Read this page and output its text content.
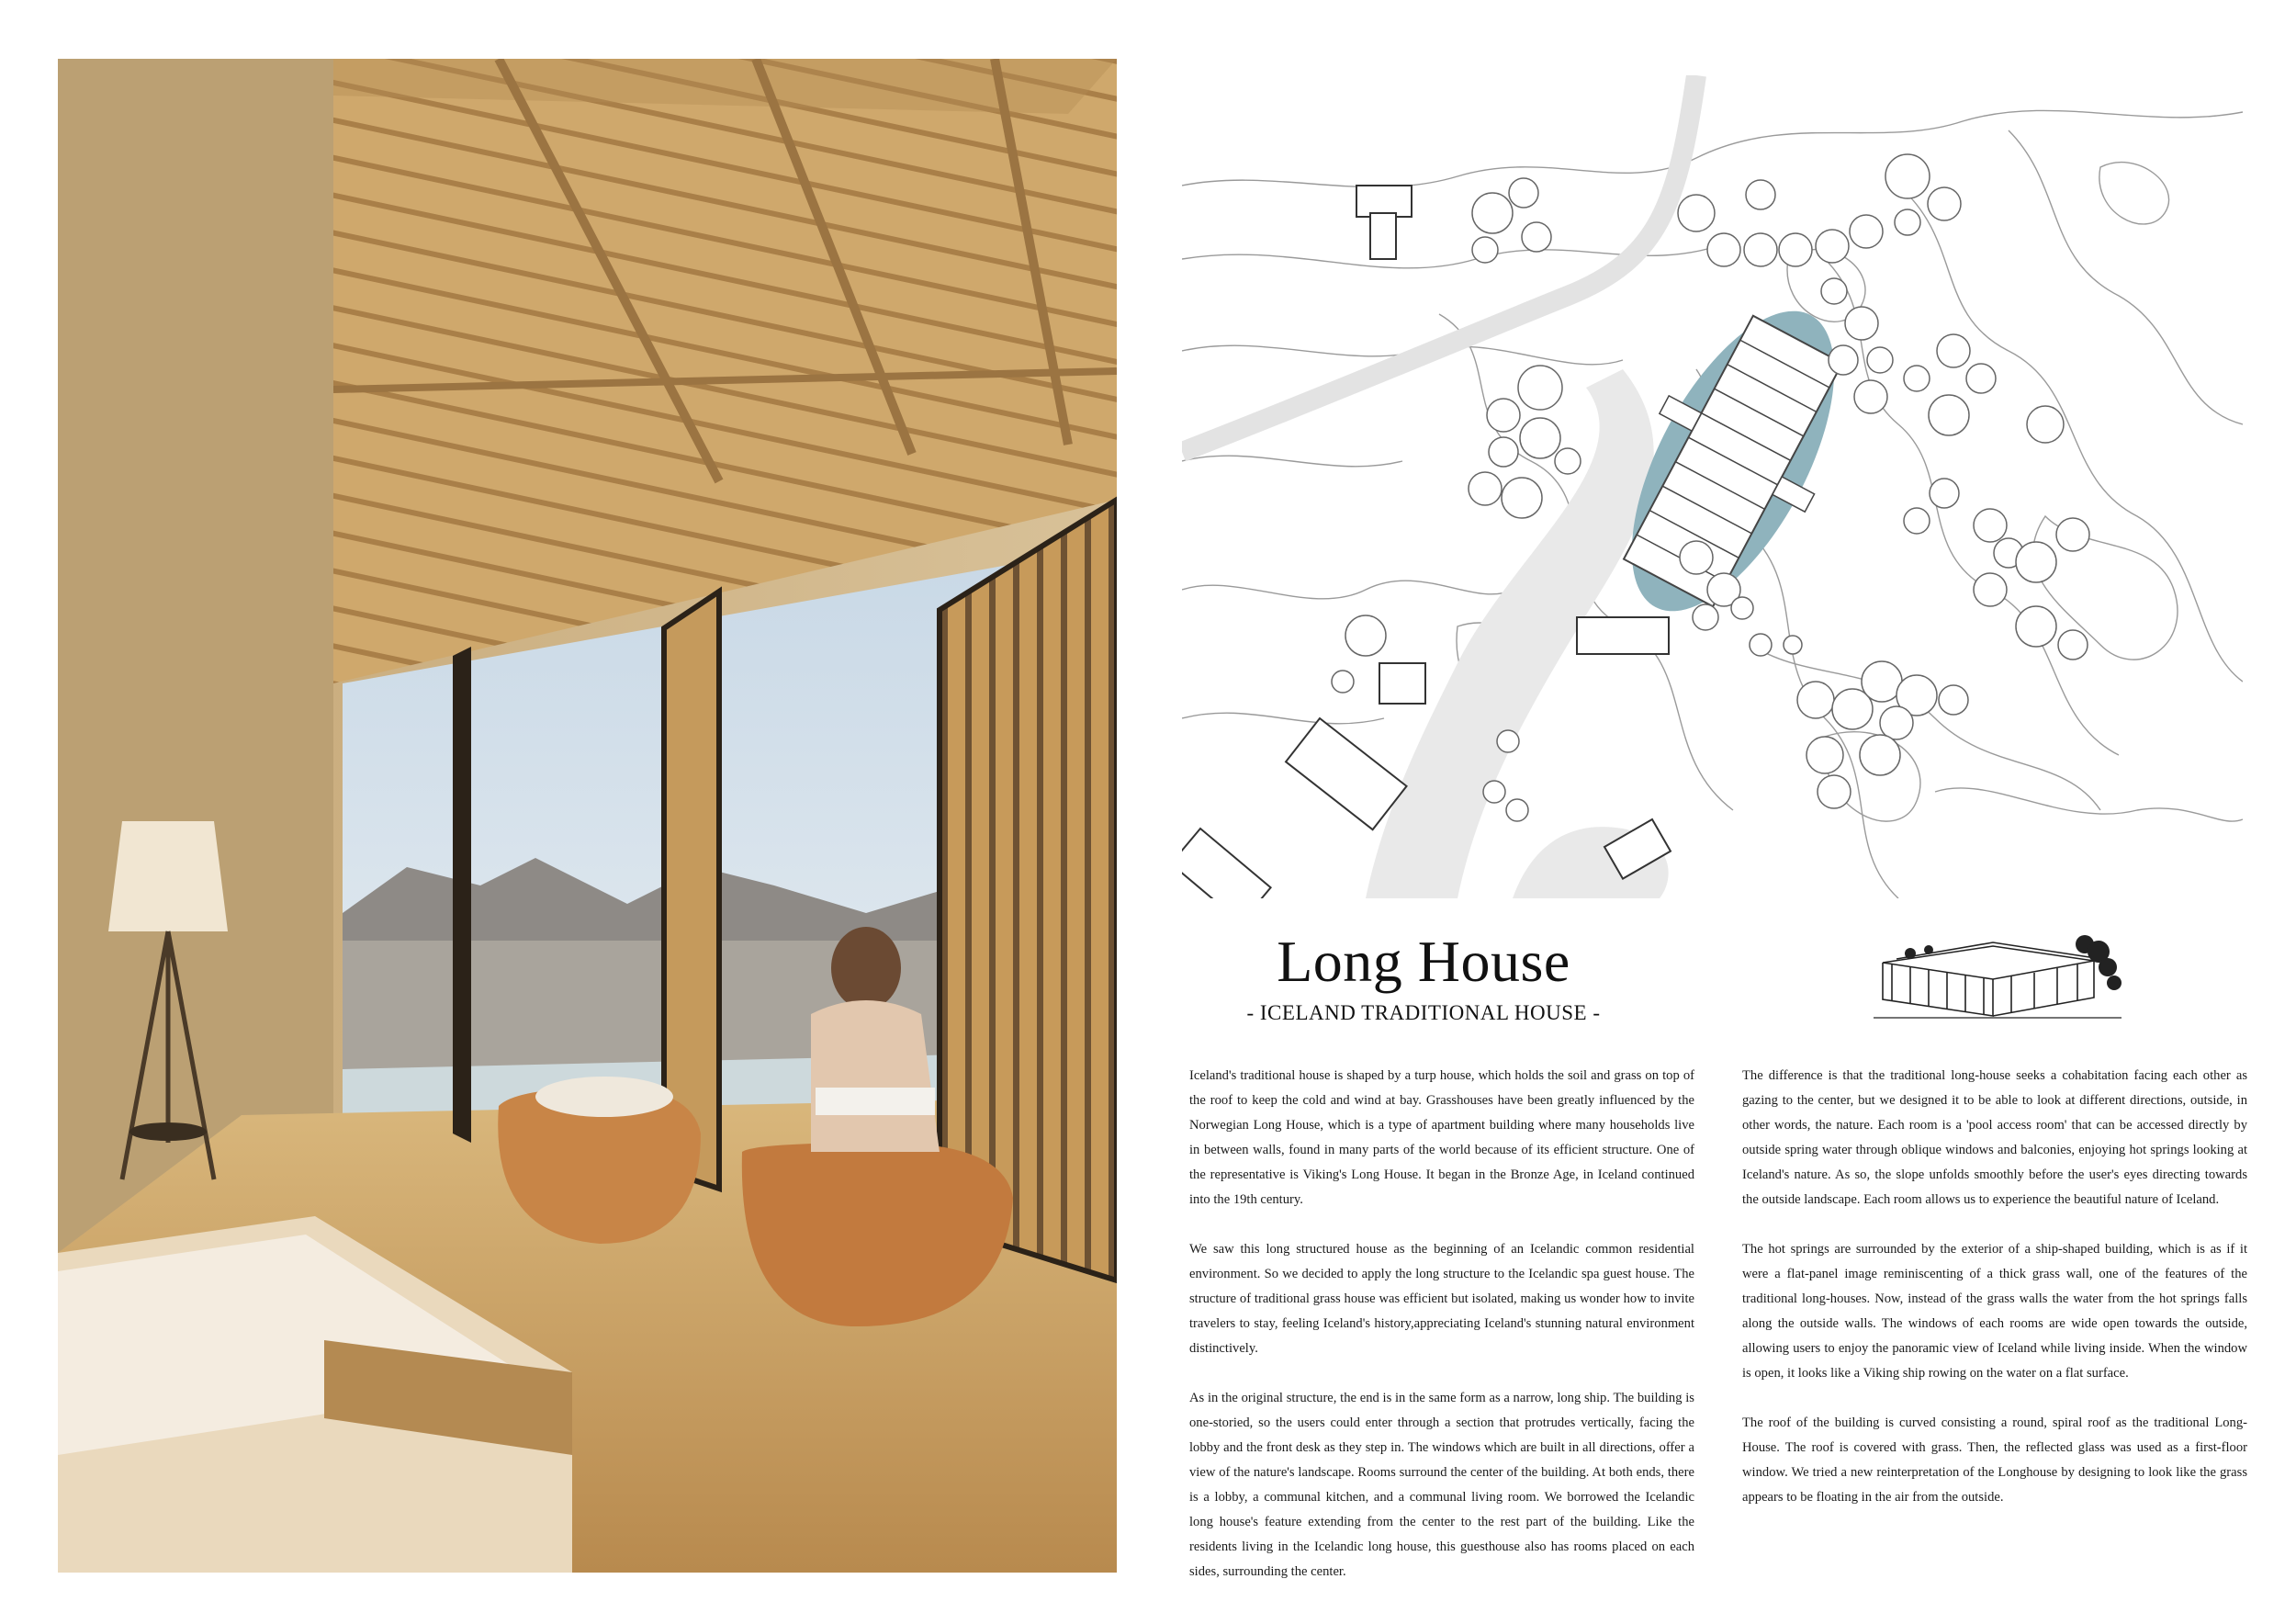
Long House
- ICELAND TRADITIONAL HOUSE -

Iceland's traditional house is shaped by a turp house, which holds the soil and grass on top of the roof to keep the cold and wind at bay. Grasshouses have been greatly influenced by the Norwegian Long House, which is a type of apartment building where many households live in between walls, found in many parts of the world because of its efficient structure. One of the representative is Viking's Long House. It began in the Bronze Age, in Iceland continued into the 19th century.

We saw this long structured house as the beginning of an Icelandic common residential environment. So we decided to apply the long structure to the Icelandic spa guest house. The structure of traditional grass house was efficient but isolated, making us wonder how to invite travelers to stay, feeling Iceland's history,appreciating Iceland's stunning natural environment distinctively.

As in the original structure, the end is in the same form as a narrow, long ship. The building is one-storied, so the users could enter through a section that protrudes vertically, facing the lobby and the front desk as they step in. The windows which are built in all directions, offer a view of the nature's landscape. Rooms surround the center of the building. At both ends, there is a lobby, a communal kitchen, and a communal living room. We borrowed the Icelandic long house's feature extending from the center to the rest part of the building. Like the residents living in the Icelandic long house, this guesthouse also has rooms placed on each sides, surrounding the center.

The difference is that the traditional long-house seeks a cohabitation facing each other as gazing to the center, but we designed it to be able to look at different directions, outside, in other words, the nature. Each room is a 'pool access room' that can be accessed directly by outside spring water through oblique windows and balconies, enjoying hot springs looking at Iceland's nature. As so, the slope unfolds smoothly before the user's eyes directing towards the outside landscape. Each room allows us to experience the beautiful nature of Iceland.

The hot springs are surrounded by the exterior of a ship-shaped building, which is as if it were a flat-panel image reminiscenting of a thick grass wall, one of the features of the traditional long-houses. Now, instead of the grass walls the water from the hot springs falls along the outside walls. The windows of each rooms are wide open towards the outside, allowing users to enjoy the panoramic view of Iceland while living inside. When the window is open, it looks like a Viking ship rowing on the water on a flat surface.

The roof of the building is curved consisting a round, spiral roof as the traditional Long-House. The roof is covered with grass. Then, the reflected glass was used as a first-floor window. We tried a new reinterpretation of the Longhouse by designing to look like the grass appears to be floating in the air from the outside.
